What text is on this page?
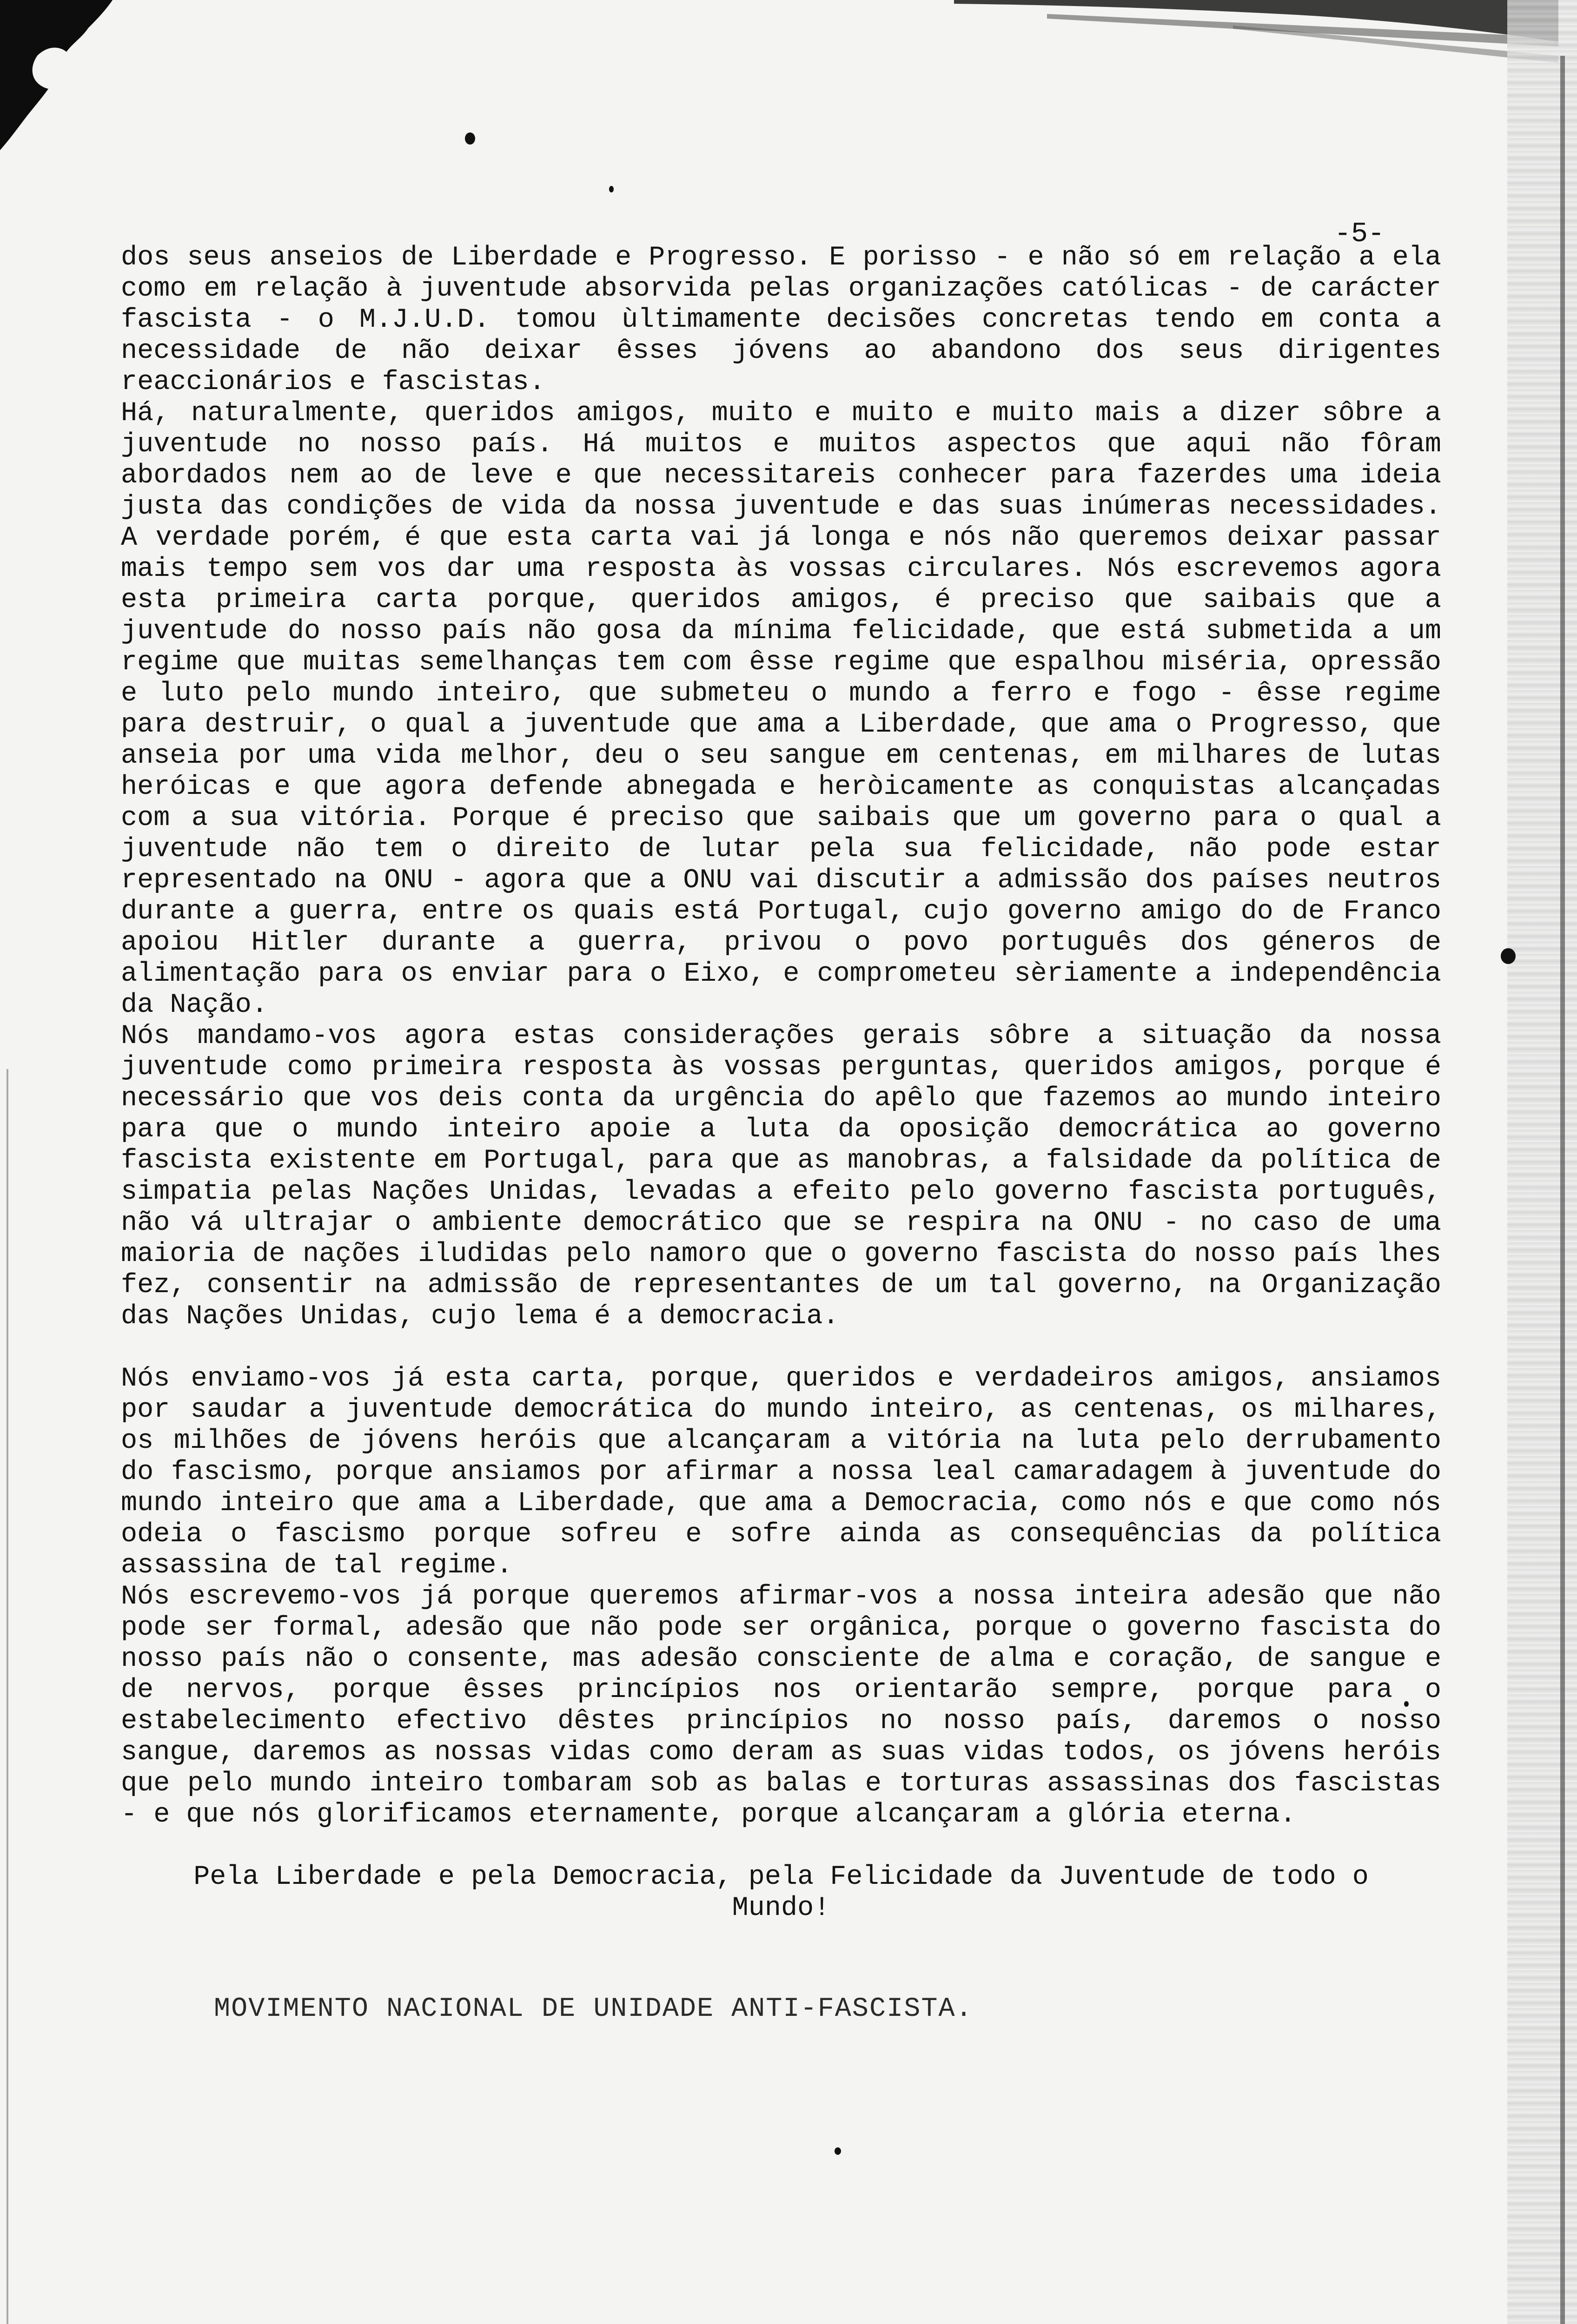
-5-

dos seus anseios de Liberdade e Progresso. E porisso - e não só em relação a ela como em relação à juventude absorvida pelas organizações católicas - de carácter fascista - o M.J.U.D. tomou ùltimamente decisões concretas tendo em conta a necessidade de não deixar êsses jóvens ao abandono dos seus dirigentes reaccionários e fascistas.

Há, naturalmente, queridos amigos, muito e muito e muito mais a dizer sôbre a juventude no nosso país. Há muitos e muitos aspectos que aqui não fôram abordados nem ao de leve e que necessitareis conhecer para fazerdes uma ideia justa das condições de vida da nossa juventude e das suas inúmeras necessidades. A verdade porém, é que esta carta vai já longa e nós não queremos deixar passar mais tempo sem vos dar uma resposta às vossas circulares. Nós escrevemos agora esta primeira carta porque, queridos amigos, é preciso que saibais que a juventude do nosso país não gosa da mínima felicidade, que está submetida a um regime que muitas semelhanças tem com êsse regime que espalhou miséria, opressão e luto pelo mundo inteiro, que submeteu o mundo a ferro e fogo - êsse regime para destruir, o qual a juventude que ama a Liberdade, que ama o Progresso, que anseia por uma vida melhor, deu o seu sangue em centenas, em milhares de lutas heróicas e que agora defende abnegada e heròicamente as conquistas alcançadas com a sua vitória. Porque é preciso que saibais que um governo para o qual a juventude não tem o direito de lutar pela sua felicidade, não pode estar representado na ONU - agora que a ONU vai discutir a admissão dos países neutros durante a guerra, entre os quais está Portugal, cujo governo amigo do de Franco apoiou Hitler durante a guerra, privou o povo português dos géneros de alimentação para os enviar para o Eixo, e comprometeu sèriamente a independência da Nação.

Nós mandamo-vos agora estas considerações gerais sôbre a situação da nossa juventude como primeira resposta às vossas perguntas, queridos amigos, porque é necessário que vos deis conta da urgência do apêlo que fazemos ao mundo inteiro para que o mundo inteiro apoie a luta da oposição democrática ao governo fascista existente em Portugal, para que as manobras, a falsidade da política de simpatia pelas Nações Unidas, levadas a efeito pelo governo fascista português, não vá ultrajar o ambiente democrático que se respira na ONU - no caso de uma maioria de nações iludidas pelo namoro que o governo fascista do nosso país lhes fez, consentir na admissão de representantes de um tal governo, na Organização das Nações Unidas, cujo lema é a democracia.

Nós enviamo-vos já esta carta, porque, queridos e verdadeiros amigos, ansiamos por saudar a juventude democrática do mundo inteiro, as centenas, os milhares, os milhões de jóvens heróis que alcançaram a vitória na luta pelo derrubamento do fascismo, porque ansiamos por afirmar a nossa leal camaradagem à juventude do mundo inteiro que ama a Liberdade, que ama a Democracia, como nós e que como nós odeia o fascismo porque sofreu e sofre ainda as consequências da política assassina de tal regime.

Nós escrevemo-vos já porque queremos afirmar-vos a nossa inteira adesão que não pode ser formal, adesão que não pode ser orgânica, porque o governo fascista do nosso país não o consente, mas adesão consciente de alma e coração, de sangue e de nervos, porque êsses princípios nos orientarão sempre, porque para o estabelecimento efectivo dêstes princípios no nosso país, daremos o nosso sangue, daremos as nossas vidas como deram as suas vidas todos, os jóvens heróis que pelo mundo inteiro tombaram sob as balas e torturas assassinas dos fascistas - e que nós glorificamos eternamente, porque alcançaram a glória eterna.

Pela Liberdade e pela Democracia, pela Felicidade da Juventude de todo o Mundo!

MOVIMENTO NACIONAL DE UNIDADE ANTI-FASCISTA.
